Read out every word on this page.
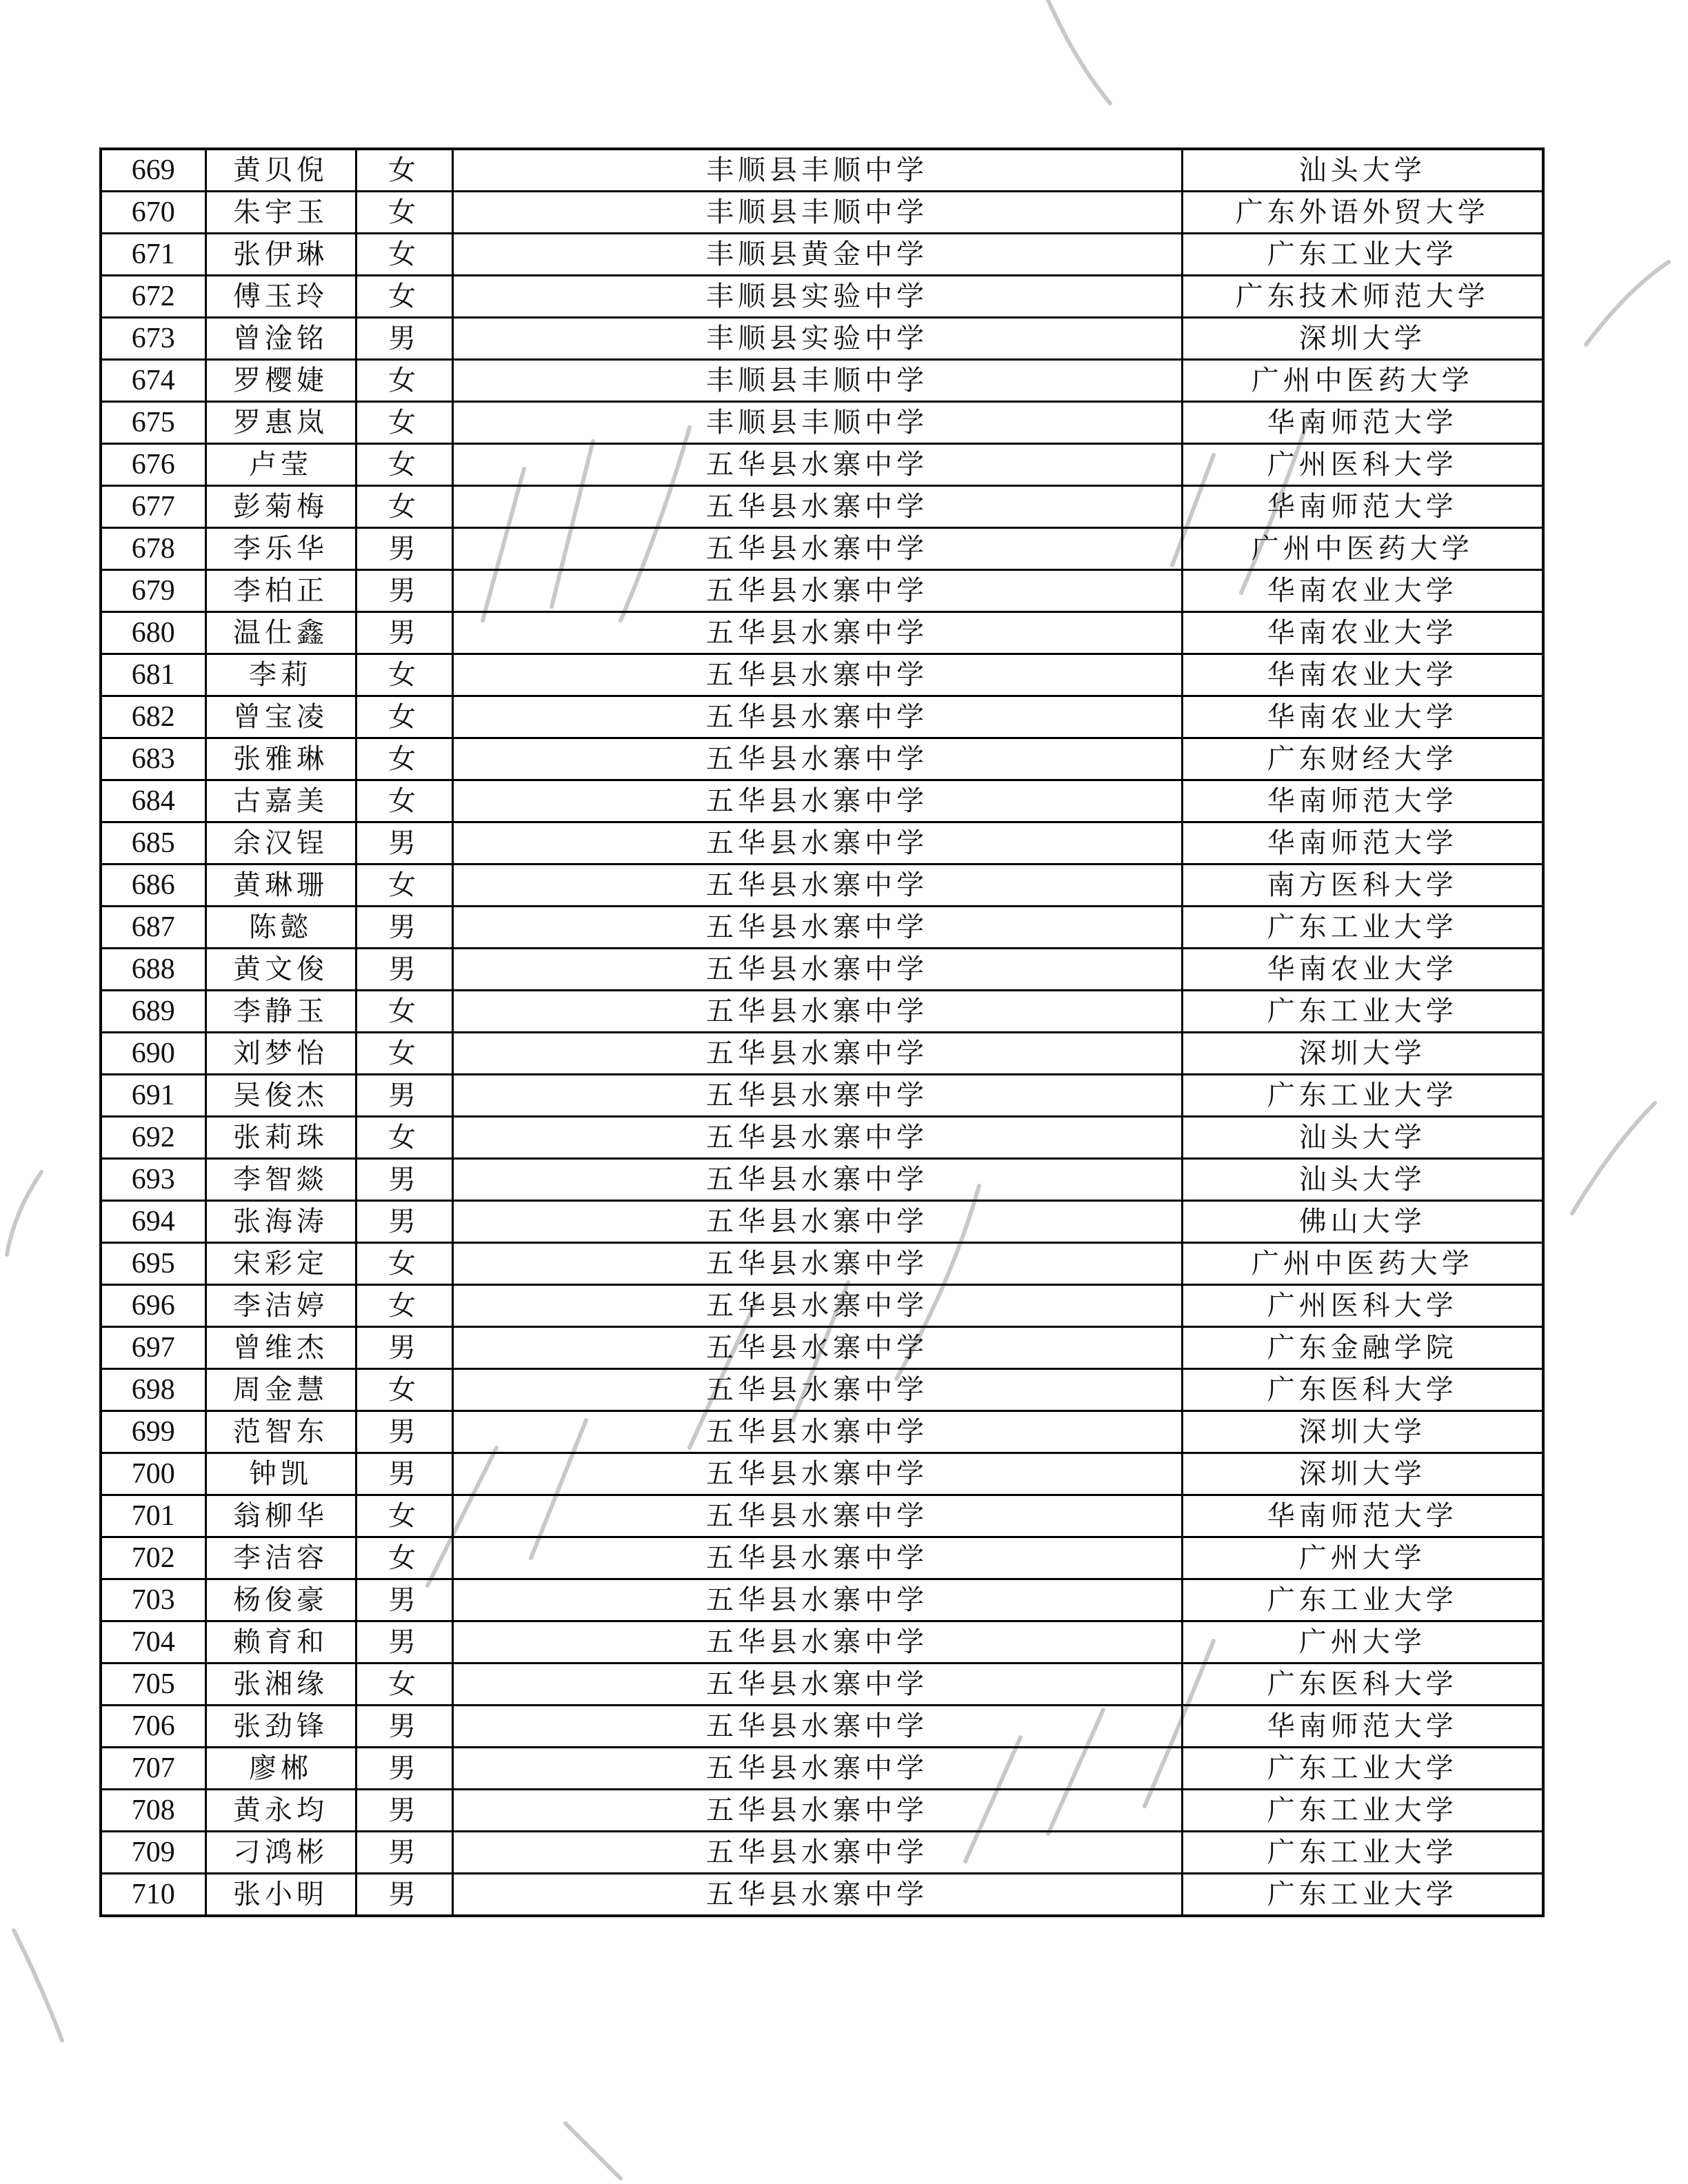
669	黄贝倪	女	丰顺县丰顺中学	汕头大学
670	朱宇玉	女	丰顺县丰顺中学	广东外语外贸大学
671	张伊琳	女	丰顺县黄金中学	广东工业大学
672	傅玉玲	女	丰顺县实验中学	广东技术师范大学
673	曾淦铭	男	丰顺县实验中学	深圳大学
674	罗樱婕	女	丰顺县丰顺中学	广州中医药大学
675	罗惠岚	女	丰顺县丰顺中学	华南师范大学
676	卢莹	女	五华县水寨中学	广州医科大学
677	彭菊梅	女	五华县水寨中学	华南师范大学
678	李乐华	男	五华县水寨中学	广州中医药大学
679	李柏正	男	五华县水寨中学	华南农业大学
680	温仕鑫	男	五华县水寨中学	华南农业大学
681	李莉	女	五华县水寨中学	华南农业大学
682	曾宝凌	女	五华县水寨中学	华南农业大学
683	张雅琳	女	五华县水寨中学	广东财经大学
684	古嘉美	女	五华县水寨中学	华南师范大学
685	余汉锃	男	五华县水寨中学	华南师范大学
686	黄琳珊	女	五华县水寨中学	南方医科大学
687	陈懿	男	五华县水寨中学	广东工业大学
688	黄文俊	男	五华县水寨中学	华南农业大学
689	李静玉	女	五华县水寨中学	广东工业大学
690	刘梦怡	女	五华县水寨中学	深圳大学
691	吴俊杰	男	五华县水寨中学	广东工业大学
692	张莉珠	女	五华县水寨中学	汕头大学
693	李智燚	男	五华县水寨中学	汕头大学
694	张海涛	男	五华县水寨中学	佛山大学
695	宋彩定	女	五华县水寨中学	广州中医药大学
696	李洁婷	女	五华县水寨中学	广州医科大学
697	曾维杰	男	五华县水寨中学	广东金融学院
698	周金慧	女	五华县水寨中学	广东医科大学
699	范智东	男	五华县水寨中学	深圳大学
700	钟凯	男	五华县水寨中学	深圳大学
701	翁柳华	女	五华县水寨中学	华南师范大学
702	李洁容	女	五华县水寨中学	广州大学
703	杨俊豪	男	五华县水寨中学	广东工业大学
704	赖育和	男	五华县水寨中学	广州大学
705	张湘缘	女	五华县水寨中学	广东医科大学
706	张劲锋	男	五华县水寨中学	华南师范大学
707	廖郴	男	五华县水寨中学	广东工业大学
708	黄永均	男	五华县水寨中学	广东工业大学
709	刁鸿彬	男	五华县水寨中学	广东工业大学
710	张小明	男	五华县水寨中学	广东工业大学
